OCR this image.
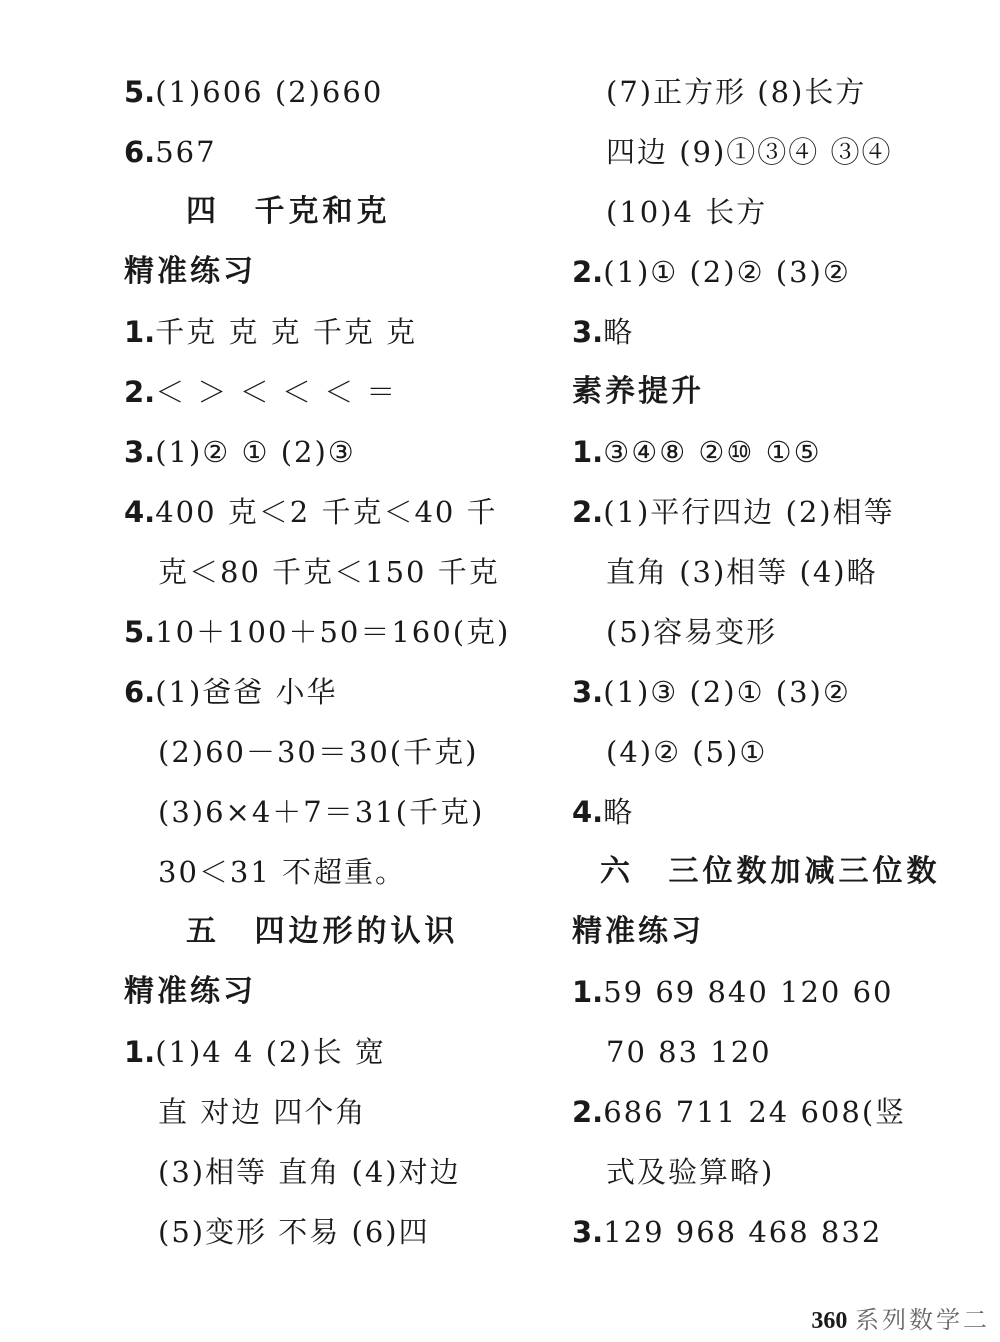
5.(1)606 (2)660
6.567
四 千克和克
精准练习
1.千克 克 克 千克 克
2.＜ ＞ ＜ ＜ ＜ ＝
3.(1)② ① (2)③
4.400 克＜2 千克＜40 千
克＜80 千克＜150 千克
5.10＋100＋50＝160(克)
6.(1)爸爸 小华
(2)60－30＝30(千克)
(3)6×4＋7＝31(千克)
30＜31 不超重。
五 四边形的认识
精准练习
1.(1)4 4 (2)长 宽
直 对边 四个角
(3)相等 直角 (4)对边
(5)变形 不易 (6)四
(7)正方形 (8)长方
四边 (9)①③④ ③④
(10)4 长方
2.(1)① (2)② (3)②
3.略
素养提升
1.③④⑧ ②⑩ ①⑤
2.(1)平行四边 (2)相等
直角 (3)相等 (4)略
(5)容易变形
3.(1)③ (2)① (3)②
(4)② (5)①
4.略
六 三位数加减三位数
精准练习
1.59 69 840 120 60
70 83 120
2.686 711 24 608(竖
式及验算略)
3.129 968 468 832
360 系列数学二
